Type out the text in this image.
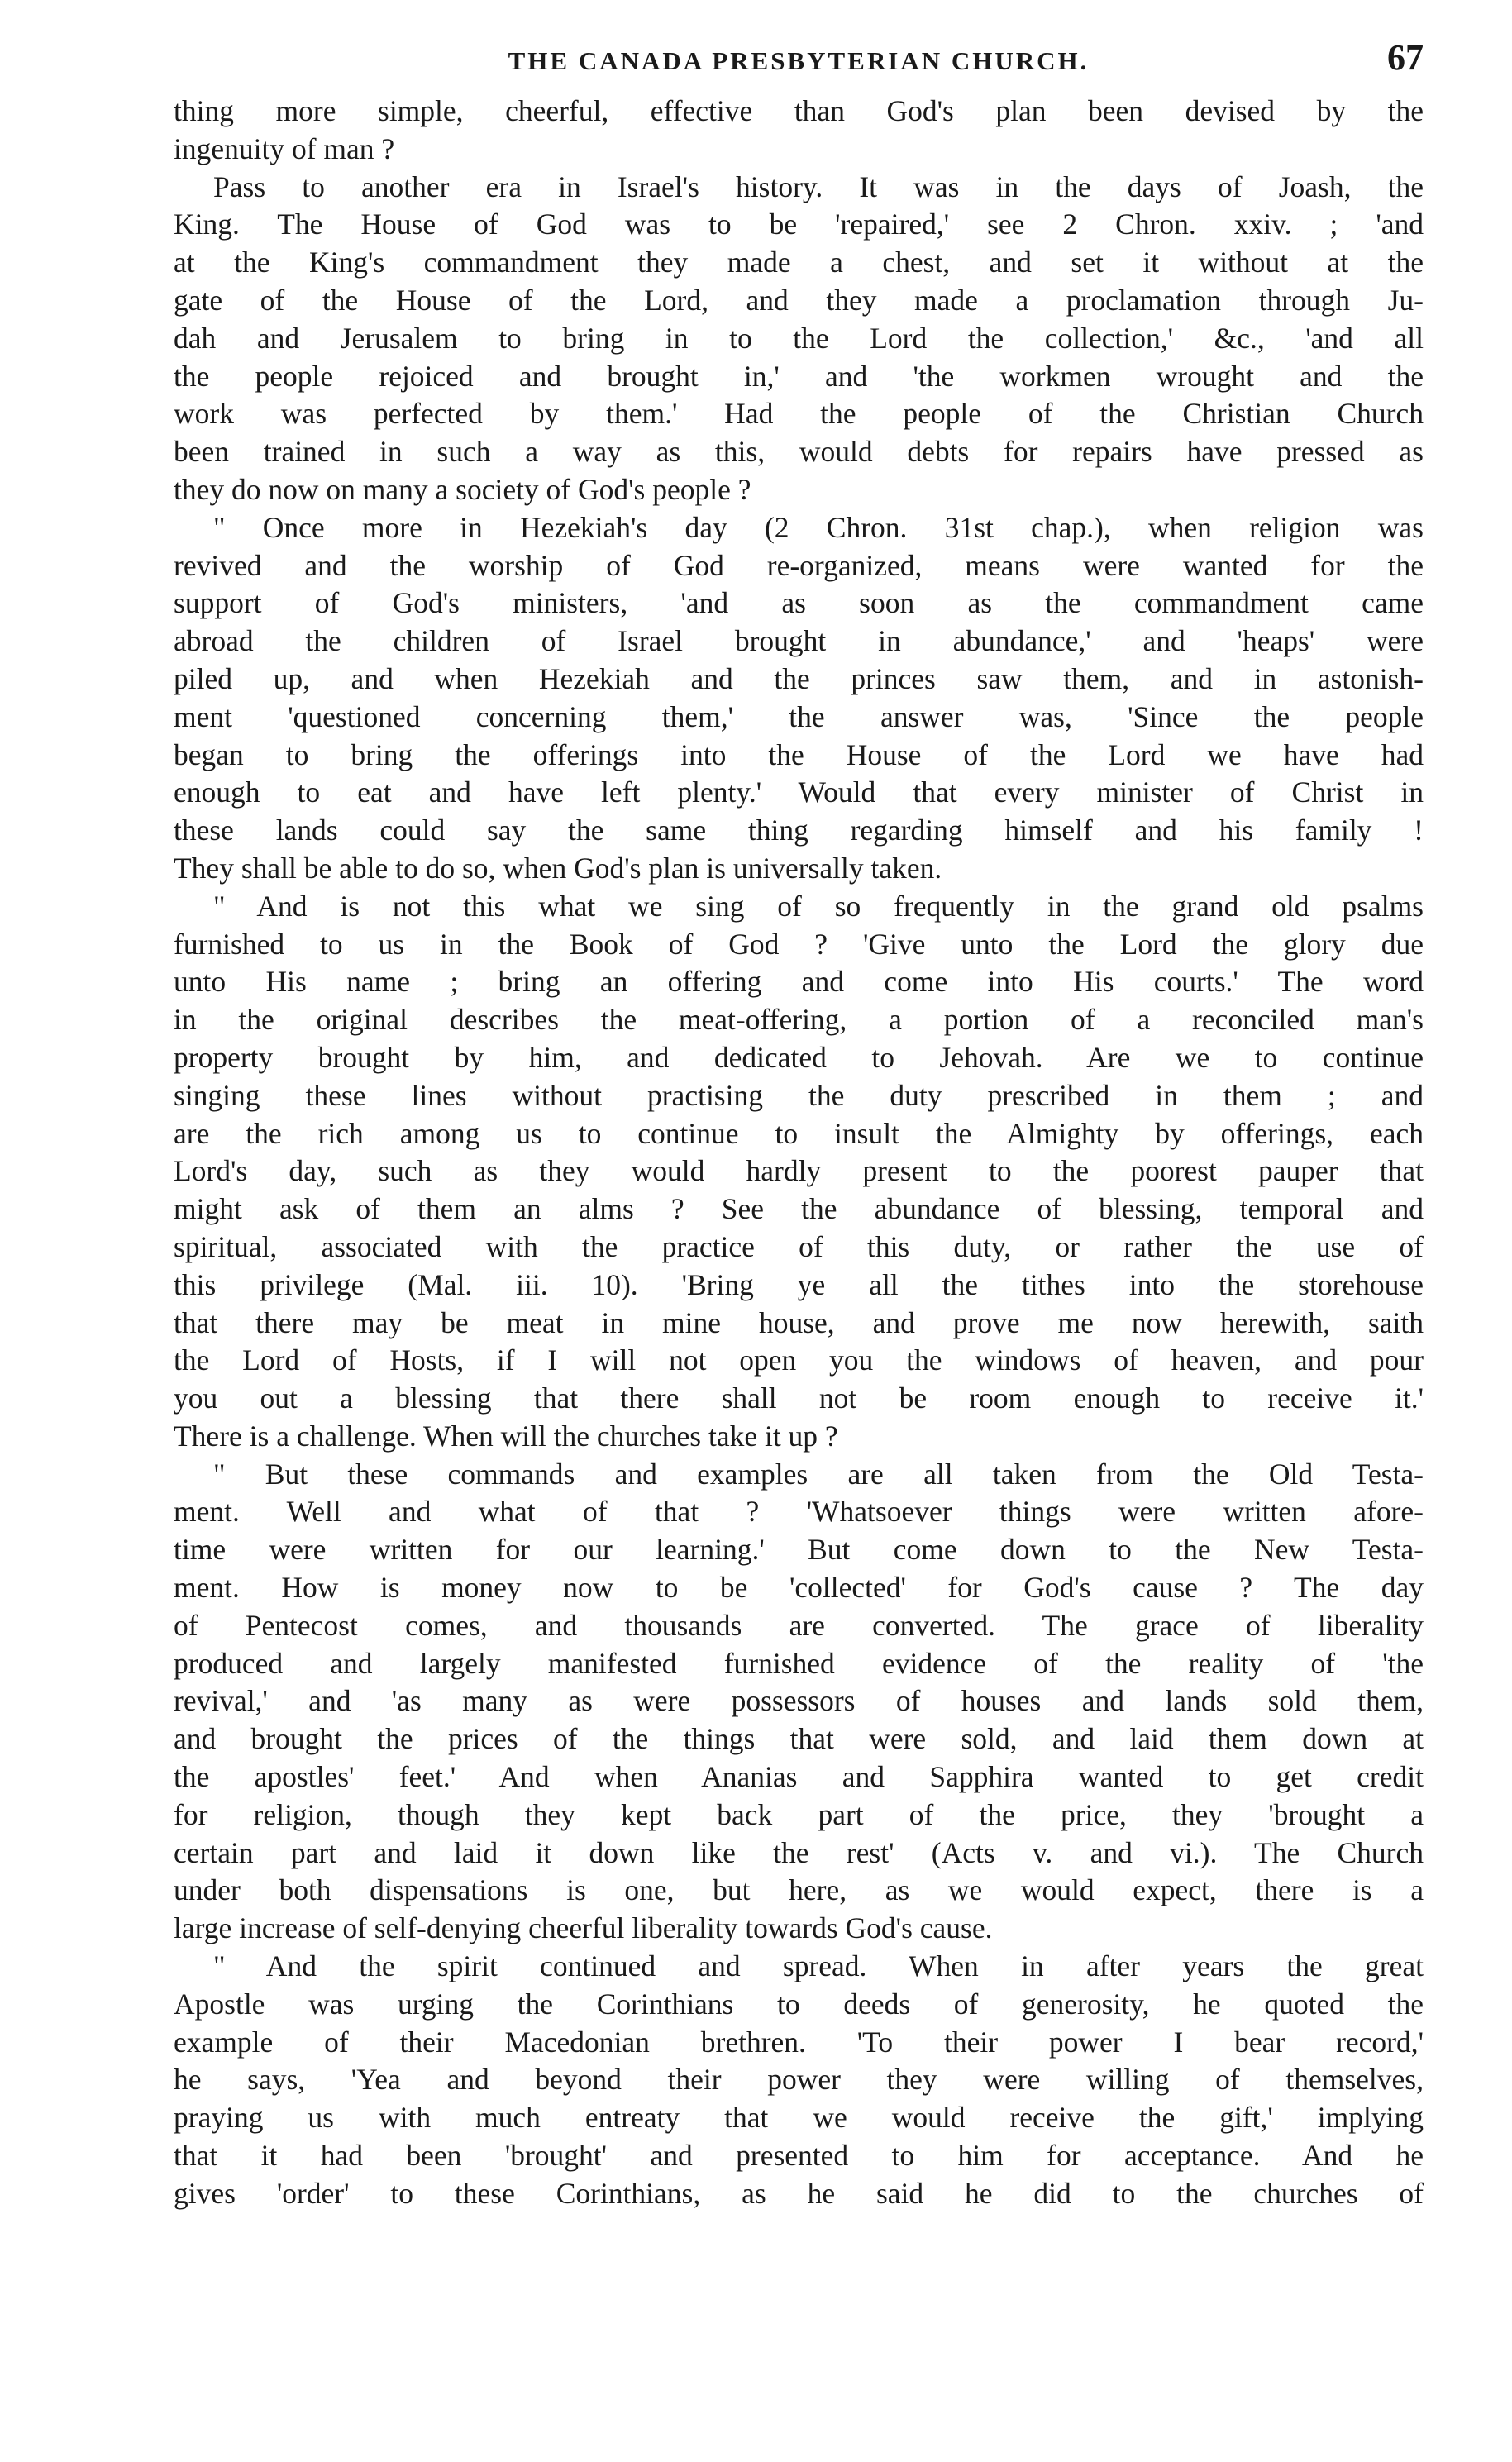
THE CANADA PRESBYTERIAN CHURCH.	67
thing more simple, cheerful, effective than God's plan been devised by the
ingenuity of man ?
Pass to another era in Israel's history. It was in the days of Joash, the
King. The House of God was to be 'repaired,' see 2 Chron. xxiv. ; 'and
at the King's commandment they made a chest, and set it without at the
gate of the House of the Lord, and they made a proclamation through Ju-
dah and Jerusalem to bring in to the Lord the collection,' &c., 'and all
the people rejoiced and brought in,' and 'the workmen wrought and the
work was perfected by them.' Had the people of the Christian Church
been trained in such a way as this, would debts for repairs have pressed as
they do now on many a society of God's people ?
" Once more in Hezekiah's day (2 Chron. 31st chap.), when religion was
revived and the worship of God re-organized, means were wanted for the
support of God's ministers, 'and as soon as the commandment came
abroad the children of Israel brought in abundance,' and 'heaps' were
piled up, and when Hezekiah and the princes saw them, and in astonish-
ment 'questioned concerning them,' the answer was, 'Since the people
began to bring the offerings into the House of the Lord we have had
enough to eat and have left plenty.' Would that every minister of Christ in
these lands could say the same thing regarding himself and his family !
They shall be able to do so, when God's plan is universally taken.
" And is not this what we sing of so frequently in the grand old psalms
furnished to us in the Book of God ? 'Give unto the Lord the glory due
unto His name ; bring an offering and come into His courts.' The word
in the original describes the meat-offering, a portion of a reconciled man's
property brought by him, and dedicated to Jehovah. Are we to continue
singing these lines without practising the duty prescribed in them ; and
are the rich among us to continue to insult the Almighty by offerings, each
Lord's day, such as they would hardly present to the poorest pauper that
might ask of them an alms ? See the abundance of blessing, temporal and
spiritual, associated with the practice of this duty, or rather the use of
this privilege (Mal. iii. 10). 'Bring ye all the tithes into the storehouse
that there may be meat in mine house, and prove me now herewith, saith
the Lord of Hosts, if I will not open you the windows of heaven, and pour
you out a blessing that there shall not be room enough to receive it.'
There is a challenge. When will the churches take it up ?
" But these commands and examples are all taken from the Old Testa-
ment. Well and what of that ? 'Whatsoever things were written afore-
time were written for our learning.' But come down to the New Testa-
ment. How is money now to be 'collected' for God's cause ? The day
of Pentecost comes, and thousands are converted. The grace of liberality
produced and largely manifested furnished evidence of the reality of 'the
revival,' and 'as many as were possessors of houses and lands sold them,
and brought the prices of the things that were sold, and laid them down at
the apostles' feet.' And when Ananias and Sapphira wanted to get credit
for religion, though they kept back part of the price, they 'brought a
certain part and laid it down like the rest' (Acts v. and vi.). The Church
under both dispensations is one, but here, as we would expect, there is a
large increase of self-denying cheerful liberality towards God's cause.
" And the spirit continued and spread. When in after years the great
Apostle was urging the Corinthians to deeds of generosity, he quoted the
example of their Macedonian brethren. 'To their power I bear record,'
he says, 'Yea and beyond their power they were willing of themselves,
praying us with much entreaty that we would receive the gift,' implying
that it had been 'brought' and presented to him for acceptance. And he
gives 'order' to these Corinthians, as he said he did to the churches of
